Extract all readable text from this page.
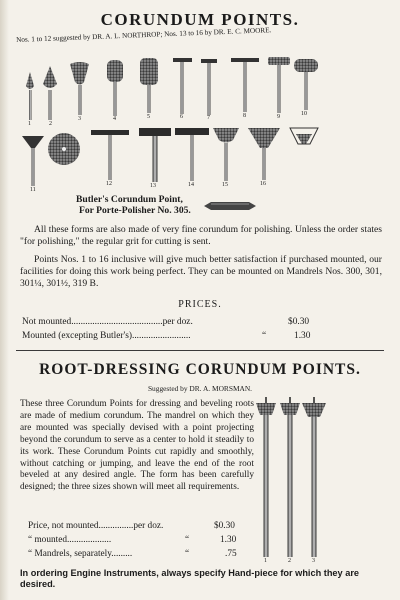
CORUNDUM POINTS.
Nos. 1 to 12 suggested by DR. A. L. NORTHROP; Nos. 13 to 16 by DR. E. C. MOORE.
1	2
3	4	5	6	7	8	9	10
11
12	13	14	15	16
Butler's Corundum Point,
For Porte-Polisher No. 305.
All these forms are also made of very fine corundum for polishing. Unless the order states "for polishing," the regular grit for cutting is sent.
Points Nos. 1 to 16 inclusive will give much better satisfaction if purchased mounted, our facilities for doing this work being perfect. They can be mounted on Mandrels Nos. 300, 301, 301¼, 301½, 319 B.
PRICES.
Not mounted.......................................per doz.	$0.30
Mounted (excepting Butler's).........................	“	1.30
ROOT-DRESSING CORUNDUM POINTS.
Suggested by DR. A. MORSMAN.
These three Corundum Points for dressing and beveling roots are made of medium corundum. The mandrel on which they are mounted was specially devised with a point projecting beyond the corundum to serve as a center to hold it steadily to its work. These Corundum Points cut rapidly and smoothly, without catching or jumping, and leave the end of the root beveled at any desired angle. The form has been carefully designed; the three sizes shown will meet all requirements.
Price, not mounted...............per doz.	$0.30
“ mounted...................	“	1.30
“ Mandrels, separately.........	“	.75
1	2	3
In ordering Engine Instruments, always specify Hand-piece for which they are desired.
